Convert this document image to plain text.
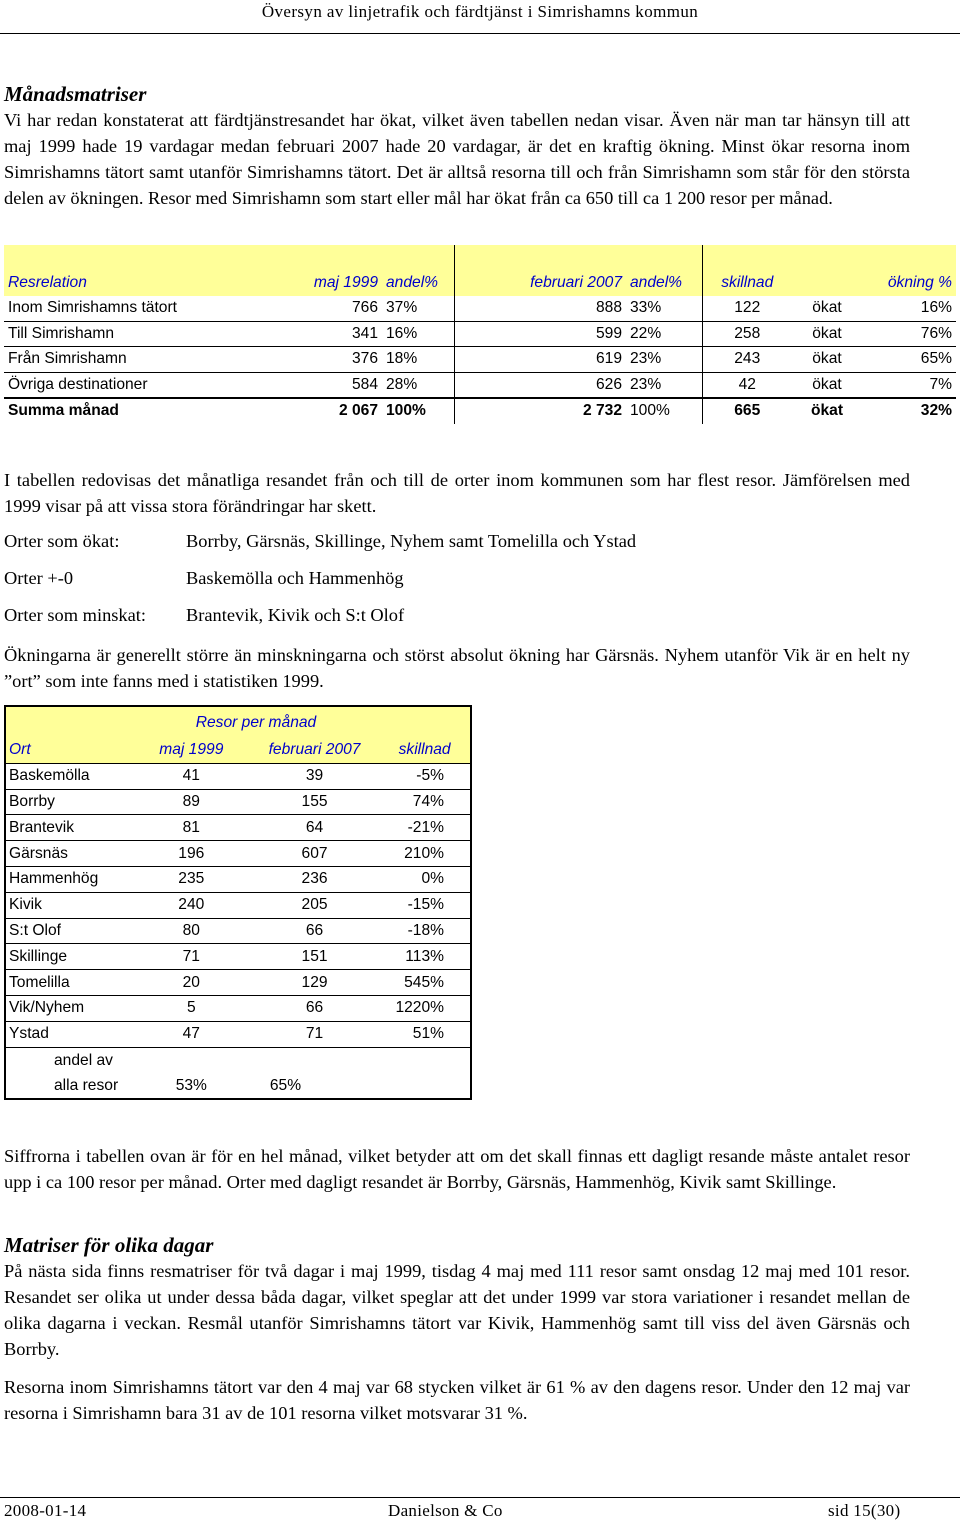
Översyn av linjetrafik och färdtjänst i Simrishamns kommun
Månadsmatriser
Vi har redan konstaterat att färdtjänstresandet har ökat, vilket även tabellen nedan visar. Även när man tar hänsyn till att maj 1999 hade 19 vardagar medan februari 2007 hade 20 vardagar, är det en kraftig ökning. Minst ökar resorna inom Simrishamns tätort samt utanför Simrishamns tätort. Det är alltså resorna till och från Simrishamn som står för den största delen av ökningen. Resor med Simrishamn som start eller mål har ökat från ca 650 till ca 1 200 resor per månad.
Resrelation	maj 1999	andel%	februari 2007	andel%	skillnad	ökning %	
Inom Simrishamns tätort	766	37%	888	33%	122	ökat	16%
Till Simrishamn	341	16%	599	22%	258	ökat	76%
Från Simrishamn	376	18%	619	23%	243	ökat	65%
Övriga destinationer	584	28%	626	23%	42	ökat	7%
Summa månad	2 067	100%	2 732	100%	665	ökat	32%
I tabellen redovisas det månatliga resandet från och till de orter inom kommunen som har flest resor. Jämförelsen med 1999 visar på att vissa stora förändringar har skett.
Orter som ökat:	Borrby, Gärsnäs, Skillinge, Nyhem samt Tomelilla och Ystad
Orter +-0	Baskemölla och Hammenhög
Orter som minskat: Brantevik, Kivik och S:t Olof
Ökningarna är generellt större än minskningarna och störst absolut ökning har Gärsnäs. Nyhem utanför Vik är en helt ny ”ort” som inte fanns med i statistiken 1999.
	Resor per månad		
Ort	maj 1999	februari 2007	skillnad
Baskemölla	41	39	-5%
Borrby	89	155	74%
Brantevik	81	64	-21%
Gärsnäs	196	607	210%
Hammenhög	235	236	0%
Kivik	240	205	-15%
S:t Olof	80	66	-18%
Skillinge	71	151	113%
Tomelilla	20	129	545%
Vik/Nyhem	5	66	1220%
Ystad	47	71	51%
andel av			
alla resor	53%	65%	
Siffrorna i tabellen ovan är för en hel månad, vilket betyder att om det skall finnas ett dagligt resande måste antalet resor upp i ca 100 resor per månad. Orter med dagligt resandet är Borrby, Gärsnäs, Hammenhög, Kivik samt Skillinge.
Matriser för olika dagar
På nästa sida finns resmatriser för två dagar i maj 1999, tisdag 4 maj med 111 resor samt onsdag 12 maj med 101 resor. Resandet ser olika ut under dessa båda dagar, vilket speglar att det under 1999 var stora variationer i resandet mellan de olika dagarna i veckan. Resmål utanför Simrishamns tätort var Kivik, Hammenhög samt till viss del även Gärsnäs och Borrby.
Resorna inom Simrishamns tätort var den 4 maj var 68 stycken vilket är 61 % av den dagens resor. Under den 12 maj var resorna i Simrishamn bara 31 av de 101 resorna vilket motsvarar 31 %.
2008-01-14	Danielson & Co	sid 15(30)
